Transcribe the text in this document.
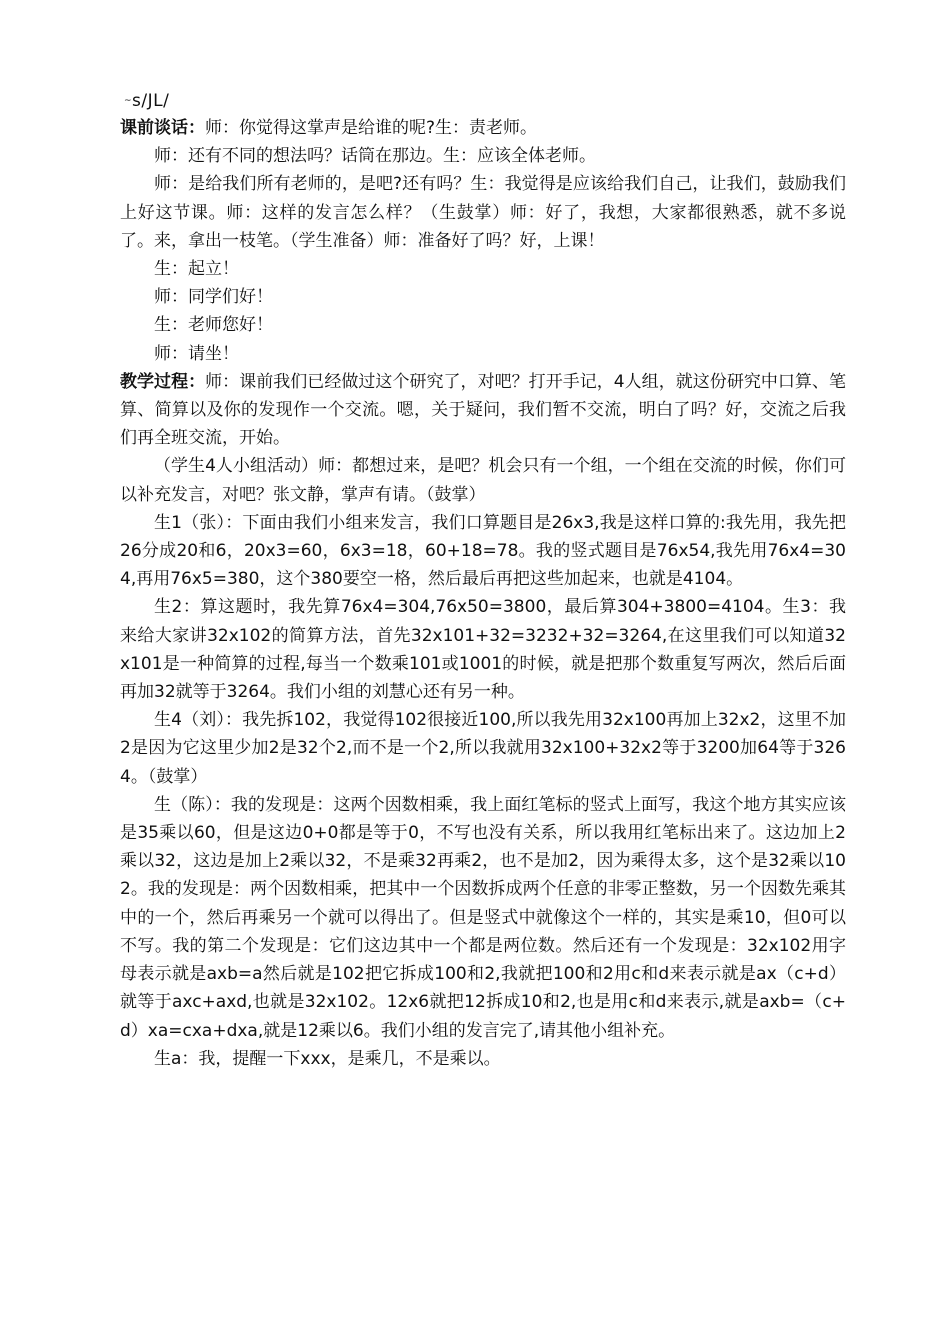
~s/JL/

课前谈话：师：你觉得这掌声是给谁的呢?生：责老师。

师：还有不同的想法吗？话筒在那边。生：应该全体老师。

师：是给我们所有老师的，是吧?还有吗？生：我觉得是应该给我们自己，让我们，鼓励我们上好这节课。师：这样的发言怎么样？（生鼓掌）师：好了，我想，大家都很熟悉，就不多说了。来，拿出一枝笔。（学生准备）师：准备好了吗？好，上课！

生：起立！

师：同学们好！

生：老师您好！

师：请坐！

教学过程：师：课前我们已经做过这个研究了，对吧？打开手记，4人组，就这份研究中口算、笔算、简算以及你的发现作一个交流。嗯，关于疑问，我们暂不交流，明白了吗？好，交流之后我们再全班交流，开始。

（学生4人小组活动）师：都想过来，是吧？机会只有一个组，一个组在交流的时候，你们可以补充发言，对吧？张文静，掌声有请。（鼓掌）

生1（张）：下面由我们小组来发言，我们口算题目是26x3,我是这样口算的:我先用，我先把26分成20和6，20x3=60，6x3=18，60+18=78。我的竖式题目是76x54,我先用76x4=304,再用76x5=380，这个380要空一格，然后最后再把这些加起来，也就是4104。

生2：算这题时，我先算76x4=304,76x50=3800，最后算304+3800=4104。生3：我来给大家讲32x102的简算方法，首先32x101+32=3232+32=3264,在这里我们可以知道32x101是一种简算的过程,每当一个数乘101或1001的时候，就是把那个数重复写两次，然后后面再加32就等于3264。我们小组的刘慧心还有另一种。

生4（刘）：我先拆102，我觉得102很接近100,所以我先用32x100再加上32x2，这里不加2是因为它这里少加2是32个2,而不是一个2,所以我就用32x100+32x2等于3200加64等于3264。（鼓掌）

生（陈）：我的发现是：这两个因数相乘，我上面红笔标的竖式上面写，我这个地方其实应该是35乘以60，但是这边0+0都是等于0，不写也没有关系，所以我用红笔标出来了。这边加上2乘以32，这边是加上2乘以32，不是乘32再乘2，也不是加2，因为乘得太多，这个是32乘以102。我的发现是：两个因数相乘，把其中一个因数拆成两个任意的非零正整数，另一个因数先乘其中的一个，然后再乘另一个就可以得出了。但是竖式中就像这个一样的，其实是乘10，但0可以不写。我的第二个发现是：它们这边其中一个都是两位数。然后还有一个发现是：32x102用字母表示就是axb=a然后就是102把它拆成100和2,我就把100和2用c和d来表示就是ax（c+d）就等于axc+axd,也就是32x102。12x6就把12拆成10和2,也是用c和d来表示,就是axb=（c+d）xa=cxa+dxa,就是12乘以6。我们小组的发言完了,请其他小组补充。

生a：我，提醒一下xxx，是乘几，不是乘以。
